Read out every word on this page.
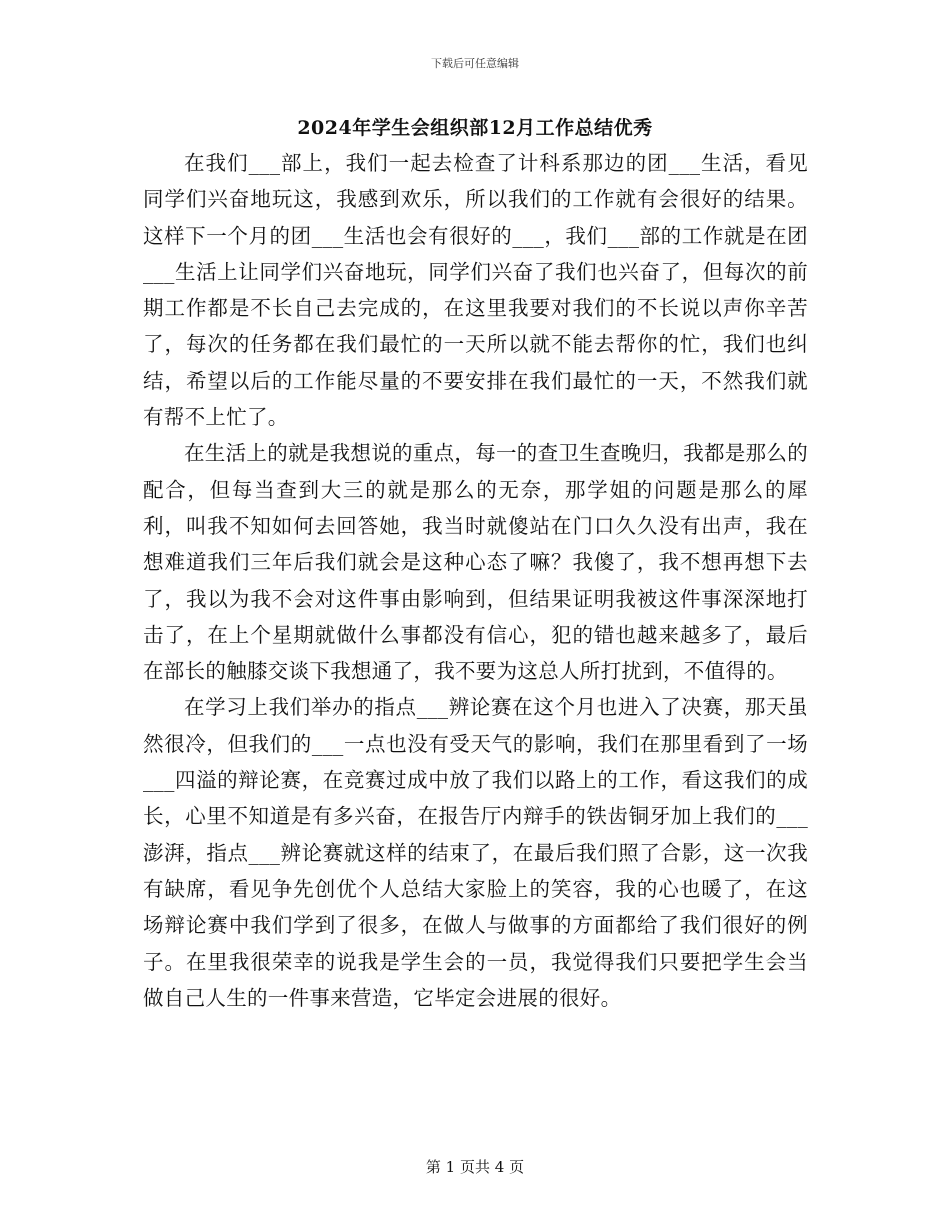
下载后可任意编辑
2024年学生会组织部12月工作总结优秀

在我们___部上，我们一起去检查了计科系那边的团___生活，看见同学们兴奋地玩这，我感到欢乐，所以我们的工作就有会很好的结果。这样下一个月的团___生活也会有很好的___，我们___部的工作就是在团___生活上让同学们兴奋地玩，同学们兴奋了我们也兴奋了，但每次的前期工作都是不长自己去完成的，在这里我要对我们的不长说以声你辛苦了，每次的任务都在我们最忙的一天所以就不能去帮你的忙，我们也纠结，希望以后的工作能尽量的不要安排在我们最忙的一天，不然我们就有帮不上忙了。

在生活上的就是我想说的重点，每一的查卫生查晚归，我都是那么的配合，但每当查到大三的就是那么的无奈，那学姐的问题是那么的犀利，叫我不知如何去回答她，我当时就傻站在门口久久没有出声，我在想难道我们三年后我们就会是这种心态了嘛？我傻了，我不想再想下去了，我以为我不会对这件事由影响到，但结果证明我被这件事深深地打击了，在上个星期就做什么事都没有信心，犯的错也越来越多了，最后在部长的触膝交谈下我想通了，我不要为这总人所打扰到，不值得的。

在学习上我们举办的指点___辨论赛在这个月也进入了决赛，那天虽然很冷，但我们的___一点也没有受天气的影响，我们在那里看到了一场___四溢的辩论赛，在竞赛过成中放了我们以路上的工作，看这我们的成长，心里不知道是有多兴奋，在报告厅内辩手的铁齿铜牙加上我们的___澎湃，指点___辨论赛就这样的结束了，在最后我们照了合影，这一次我有缺席，看见争先创优个人总结大家脸上的笑容，我的心也暖了，在这场辩论赛中我们学到了很多，在做人与做事的方面都给了我们很好的例子。在里我很荣幸的说我是学生会的一员，我觉得我们只要把学生会当做自己人生的一件事来营造，它毕定会进展的很好。

第 1 页共 4 页
